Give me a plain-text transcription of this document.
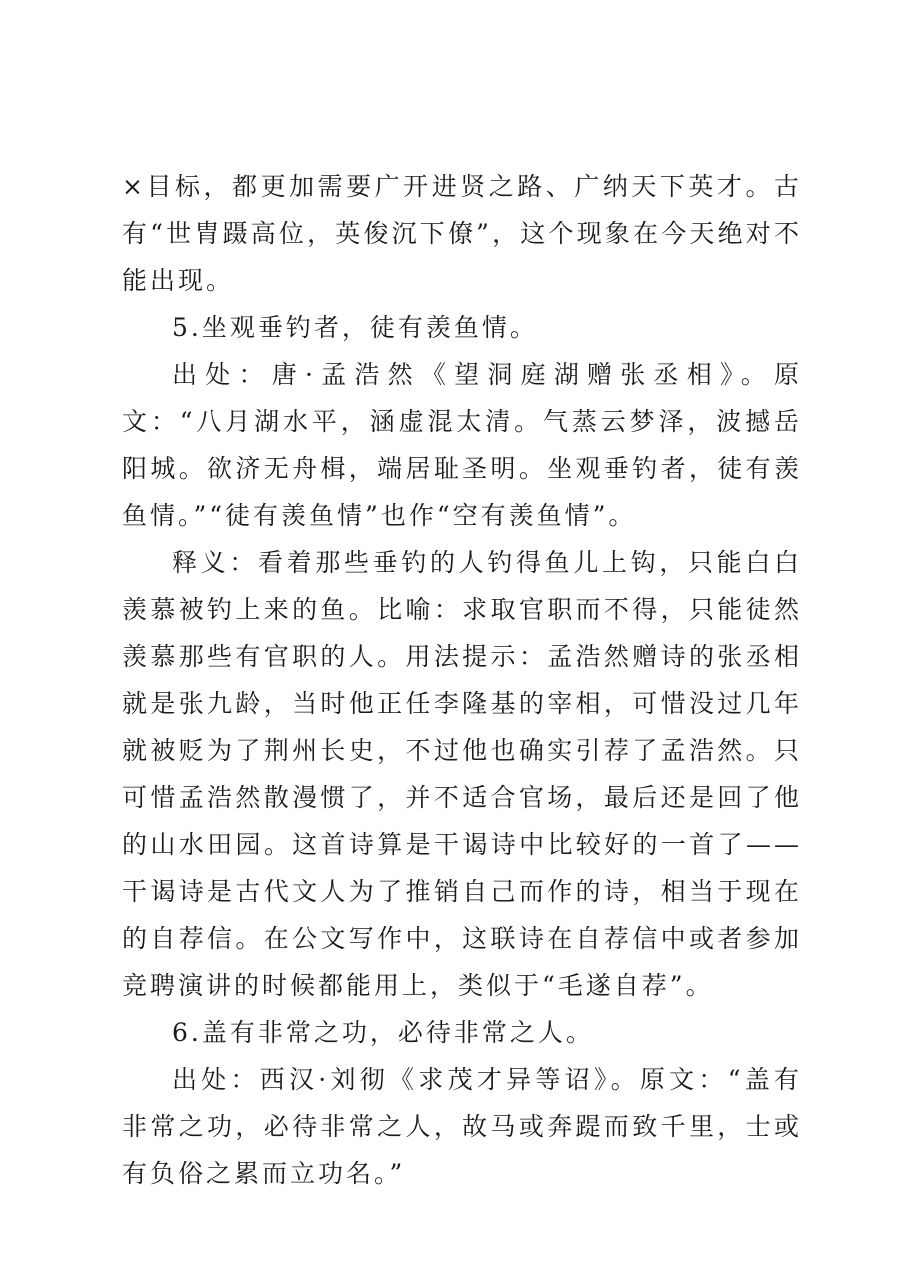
×目标，都更加需要广开进贤之路、广纳天下英才。古有“世胄蹑高位，英俊沉下僚”，这个现象在今天绝对不能出现。

5.坐观垂钓者，徒有羡鱼情。

出处：唐·孟浩然《望洞庭湖赠张丞相》。原文：“八月湖水平，涵虚混太清。气蒸云梦泽，波撼岳阳城。欲济无舟楫，端居耻圣明。坐观垂钓者，徒有羡鱼情。”“徒有羡鱼情”也作“空有羡鱼情”。

释义：看着那些垂钓的人钓得鱼儿上钩，只能白白羡慕被钓上来的鱼。比喻：求取官职而不得，只能徒然羡慕那些有官职的人。用法提示：孟浩然赠诗的张丞相就是张九龄，当时他正任李隆基的宰相，可惜没过几年就被贬为了荆州长史，不过他也确实引荐了孟浩然。只可惜孟浩然散漫惯了，并不适合官场，最后还是回了他的山水田园。这首诗算是干谒诗中比较好的一首了——干谒诗是古代文人为了推销自己而作的诗，相当于现在的自荐信。在公文写作中，这联诗在自荐信中或者参加竞聘演讲的时候都能用上，类似于“毛遂自荐”。

6.盖有非常之功，必待非常之人。

出处：西汉·刘彻《求茂才异等诏》。原文：“盖有非常之功，必待非常之人，故马或奔踶而致千里，士或有负俗之累而立功名。”
